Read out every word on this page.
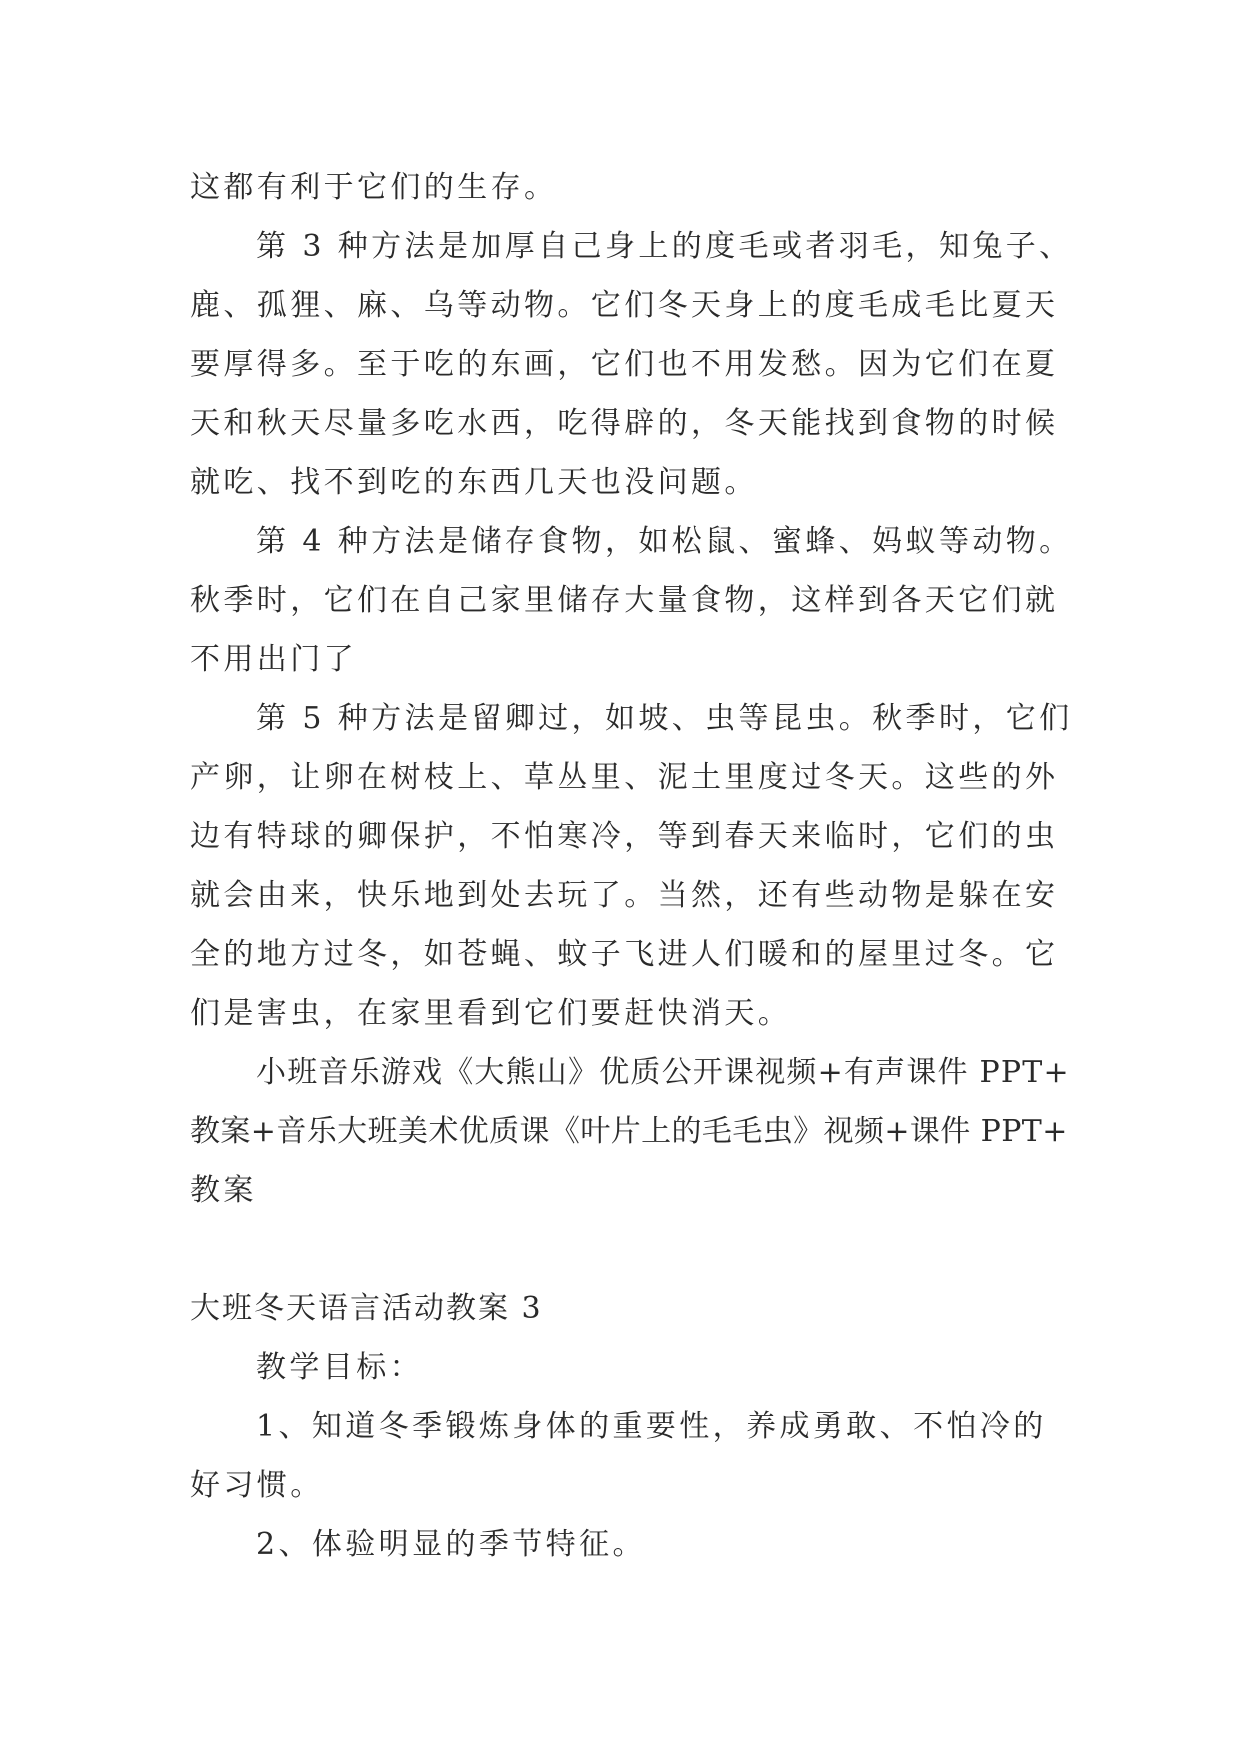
这都有利于它们的生存。
第 3 种方法是加厚自己身上的度毛或者羽毛，知兔子、
鹿、孤狸、麻、乌等动物。它们冬天身上的度毛成毛比夏天
要厚得多。至于吃的东画，它们也不用发愁。因为它们在夏
天和秋天尽量多吃水西，吃得辟的，冬天能找到食物的时候
就吃、找不到吃的东西几天也没问题。
第 4 种方法是储存食物，如松鼠、蜜蜂、妈蚁等动物。
秋季时，它们在自己家里储存大量食物，这样到各天它们就
不用出门了
第 5 种方法是留卿过，如坡、虫等昆虫。秋季时，它们
产卵，让卵在树枝上、草丛里、泥土里度过冬天。这些的外
边有特球的卿保护，不怕寒冷，等到春天来临时，它们的虫
就会由来，快乐地到处去玩了。当然，还有些动物是躲在安
全的地方过冬，如苍蝇、蚊子飞进人们暖和的屋里过冬。它
们是害虫，在家里看到它们要赶快消天。
小班音乐游戏《大熊山》优质公开课视频+有声课件 PPT+
教案+音乐大班美术优质课《叶片上的毛毛虫》视频+课件 PPT+
教案
大班冬天语言活动教案 3
教学目标：
1、知道冬季锻炼身体的重要性，养成勇敢、不怕冷的
好习惯。
2、体验明显的季节特征。
